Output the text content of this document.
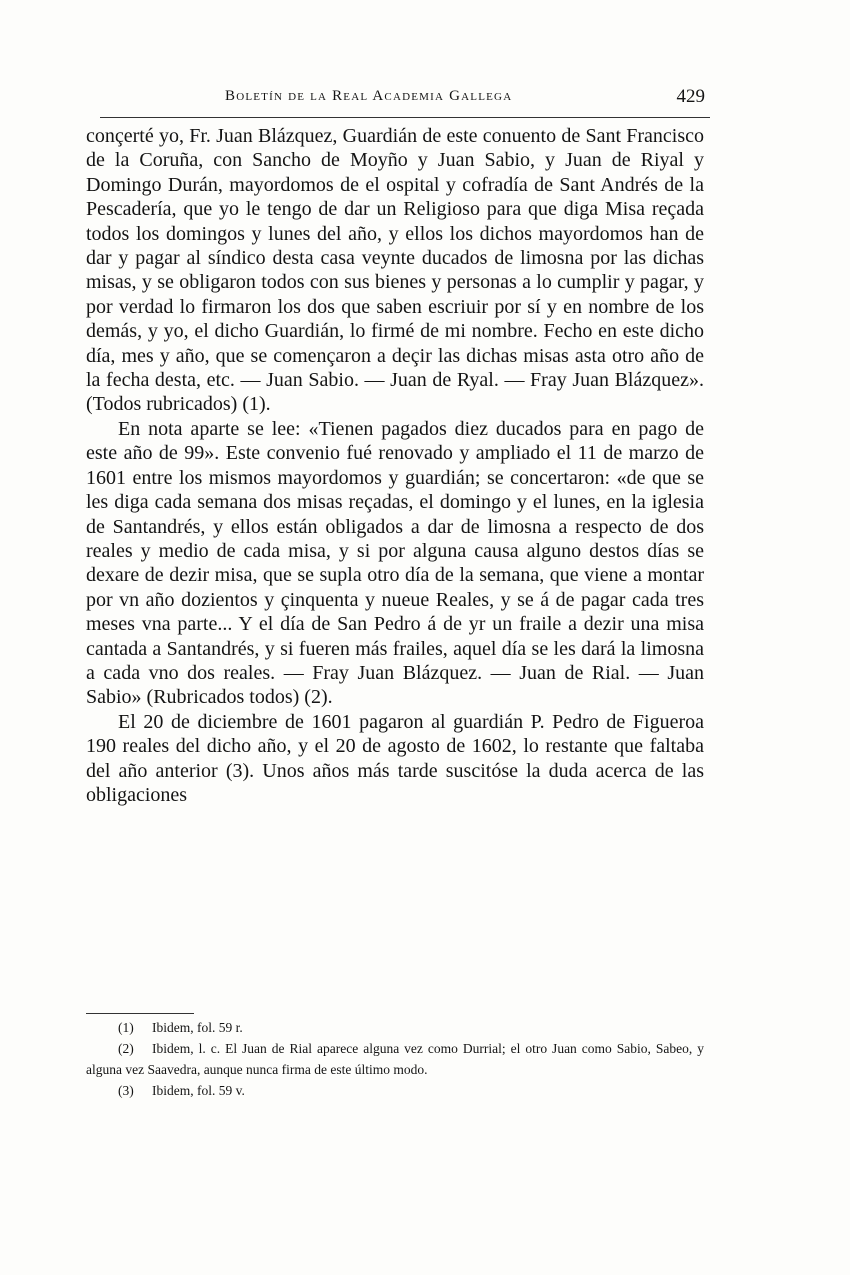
Boletín de la Real Academia Gallega	429

conçerté yo, Fr. Juan Blázquez, Guardián de este conuento de Sant Francisco de la Coruña, con Sancho de Moyño y Juan Sabio, y Juan de Riyal y Domingo Durán, mayordomos de el ospital y cofradía de Sant Andrés de la Pescadería, que yo le tengo de dar un Religioso para que diga Misa reçada todos los domingos y lunes del año, y ellos los dichos mayordomos han de dar y pagar al síndico desta casa veynte ducados de limosna por las dichas misas, y se obligaron todos con sus bienes y personas a lo cumplir y pagar, y por verdad lo firmaron los dos que saben escriuir por sí y en nombre de los demás, y yo, el dicho Guardián, lo firmé de mi nombre. Fecho en este dicho día, mes y año, que se començaron a deçir las dichas misas asta otro año de la fecha desta, etc. — Juan Sabio. — Juan de Ryal. — Fray Juan Blázquez». (Todos rubricados) (1).

En nota aparte se lee: «Tienen pagados diez ducados para en pago de este año de 99». Este convenio fué renovado y ampliado el 11 de marzo de 1601 entre los mismos mayordomos y guardián; se concertaron: «de que se les diga cada semana dos misas reçadas, el domingo y el lunes, en la iglesia de Santandrés, y ellos están obligados a dar de limosna a respecto de dos reales y medio de cada misa, y si por alguna causa alguno destos días se dexare de dezir misa, que se supla otro día de la semana, que viene a montar por vn año dozientos y çinquenta y nueue Reales, y se á de pagar cada tres meses vna parte... Y el día de San Pedro á de yr un fraile a dezir una misa cantada a Santandrés, y si fueren más frailes, aquel día se les dará la limosna a cada vno dos reales. — Fray Juan Blázquez. — Juan de Rial. — Juan Sabio» (Rubricados todos) (2).

El 20 de diciembre de 1601 pagaron al guardián P. Pedro de Figueroa 190 reales del dicho año, y el 20 de agosto de 1602, lo restante que faltaba del año anterior (3). Unos años más tarde suscitóse la duda acerca de las obligaciones

(1) Ibidem, fol. 59 r.

(2) Ibidem, l. c. El Juan de Rial aparece alguna vez como Durrial; el otro Juan como Sabio, Sabeo, y alguna vez Saavedra, aunque nunca firma de este último modo.

(3) Ibidem, fol. 59 v.
